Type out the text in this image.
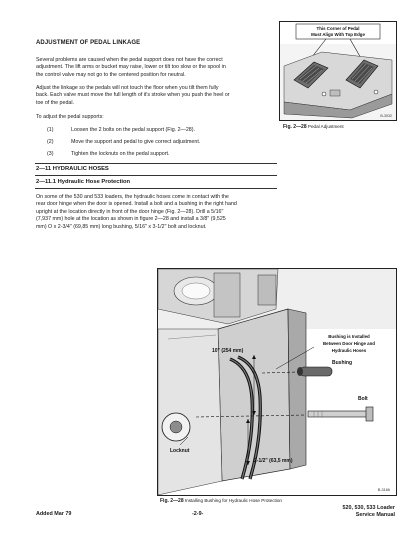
ADJUSTMENT OF PEDAL LINKAGE
Several problems are caused when the pedal support does not have the correct
adjustment. The lift arms or bucket may raise, lower or tilt too slow or the spool in
the control valve may not go to the centered position for neutral.
Adjust the linkage so the pedals will not touch the floor when you tilt them fully
back. Each valve must move the full length of it's stroke when you push the heel or
toe of the pedal.
To adjust the pedal supports:
(1)	Loosen the 2 bolts on the pedal support (Fig. 2—28).
(2)	Move the support and pedal to give correct adjustment.
(3)	Tighten the locknuts on the pedal support.
2—11 HYDRAULIC HOSES
2—11.1 Hydraulic Hose Protection
On some of the 530 and 533 loaders, the hydraulic hoses come in contact with the
rear door hinge when the door is opened. Install a bolt and a bushing in the right hand
upright at the location directly in front of the door hinge (Fig. 2—28). Drill a 5/16"
(7,937 mm) hole at the location as shown in figure 2—28 and install a 3/8" (9,525
mm) O x 2-3/4" (69,85 mm) long bushing, 5/16" x 3-1/2" bolt and locknut.
This Corner of Pedal
Must Align With Top Edge
B-3032
Fig. 2—28 Pedal Adjustment
Bushing is Installed
Between Door Hinge and
Hydraulic Hoses
10" (254 mm)
Bushing
Bolt
Locknut
2-1/2" (63,5 mm)
B-3166
Fig. 2—28 Installing Bushing for Hydraulic Hose Protection
Added Mar 79	-2-9-
520, 530, 533 Loader
Service Manual
